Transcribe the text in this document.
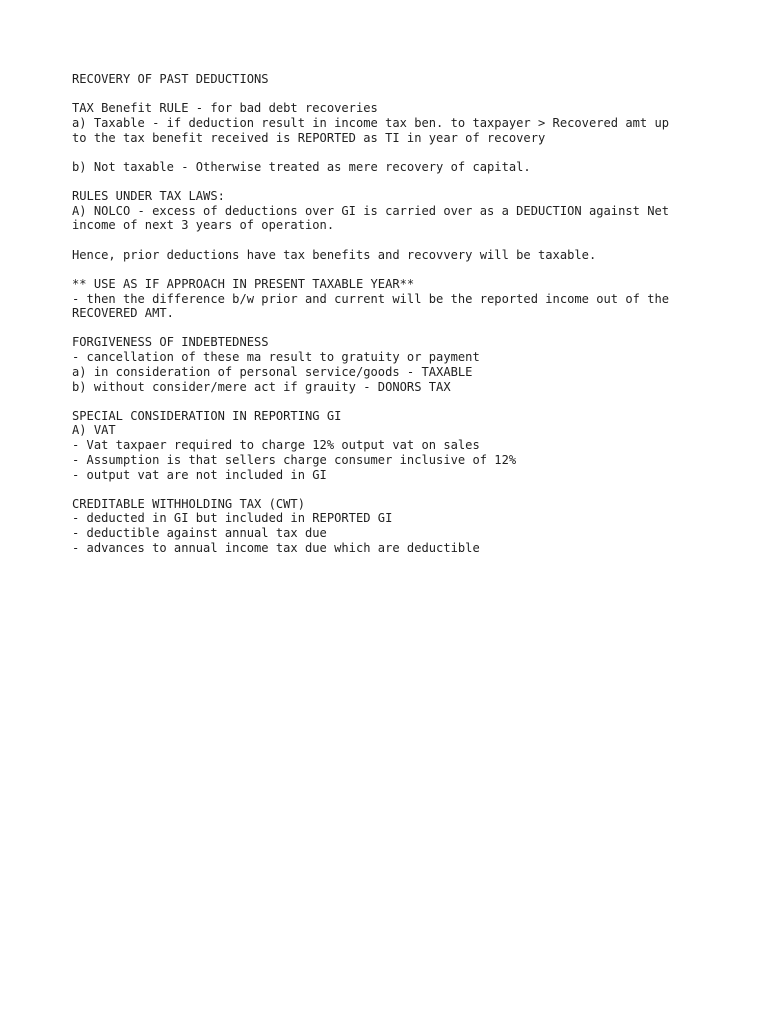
RECOVERY OF PAST DEDUCTIONS
TAX Benefit RULE - for bad debt recoveries
a) Taxable - if deduction result in income tax ben. to taxpayer > Recovered amt up
to the tax benefit received is REPORTED as TI in year of recovery
b) Not taxable - Otherwise treated as mere recovery of capital.
RULES UNDER TAX LAWS:
A) NOLCO - excess of deductions over GI is carried over as a DEDUCTION against Net
income of next 3 years of operation.
Hence, prior deductions have tax benefits and recovvery will be taxable.
** USE AS IF APPROACH IN PRESENT TAXABLE YEAR**
- then the difference b/w prior and current will be the reported income out of the
RECOVERED AMT.
FORGIVENESS OF INDEBTEDNESS
- cancellation of these ma result to gratuity or payment
a) in consideration of personal service/goods - TAXABLE
b) without consider/mere act if grauity - DONORS TAX
SPECIAL CONSIDERATION IN REPORTING GI
A) VAT
- Vat taxpaer required to charge 12% output vat on sales
- Assumption is that sellers charge consumer inclusive of 12%
- output vat are not included in GI
CREDITABLE WITHHOLDING TAX (CWT)
- deducted in GI but included in REPORTED GI
- deductible against annual tax due
- advances to annual income tax due which are deductible
